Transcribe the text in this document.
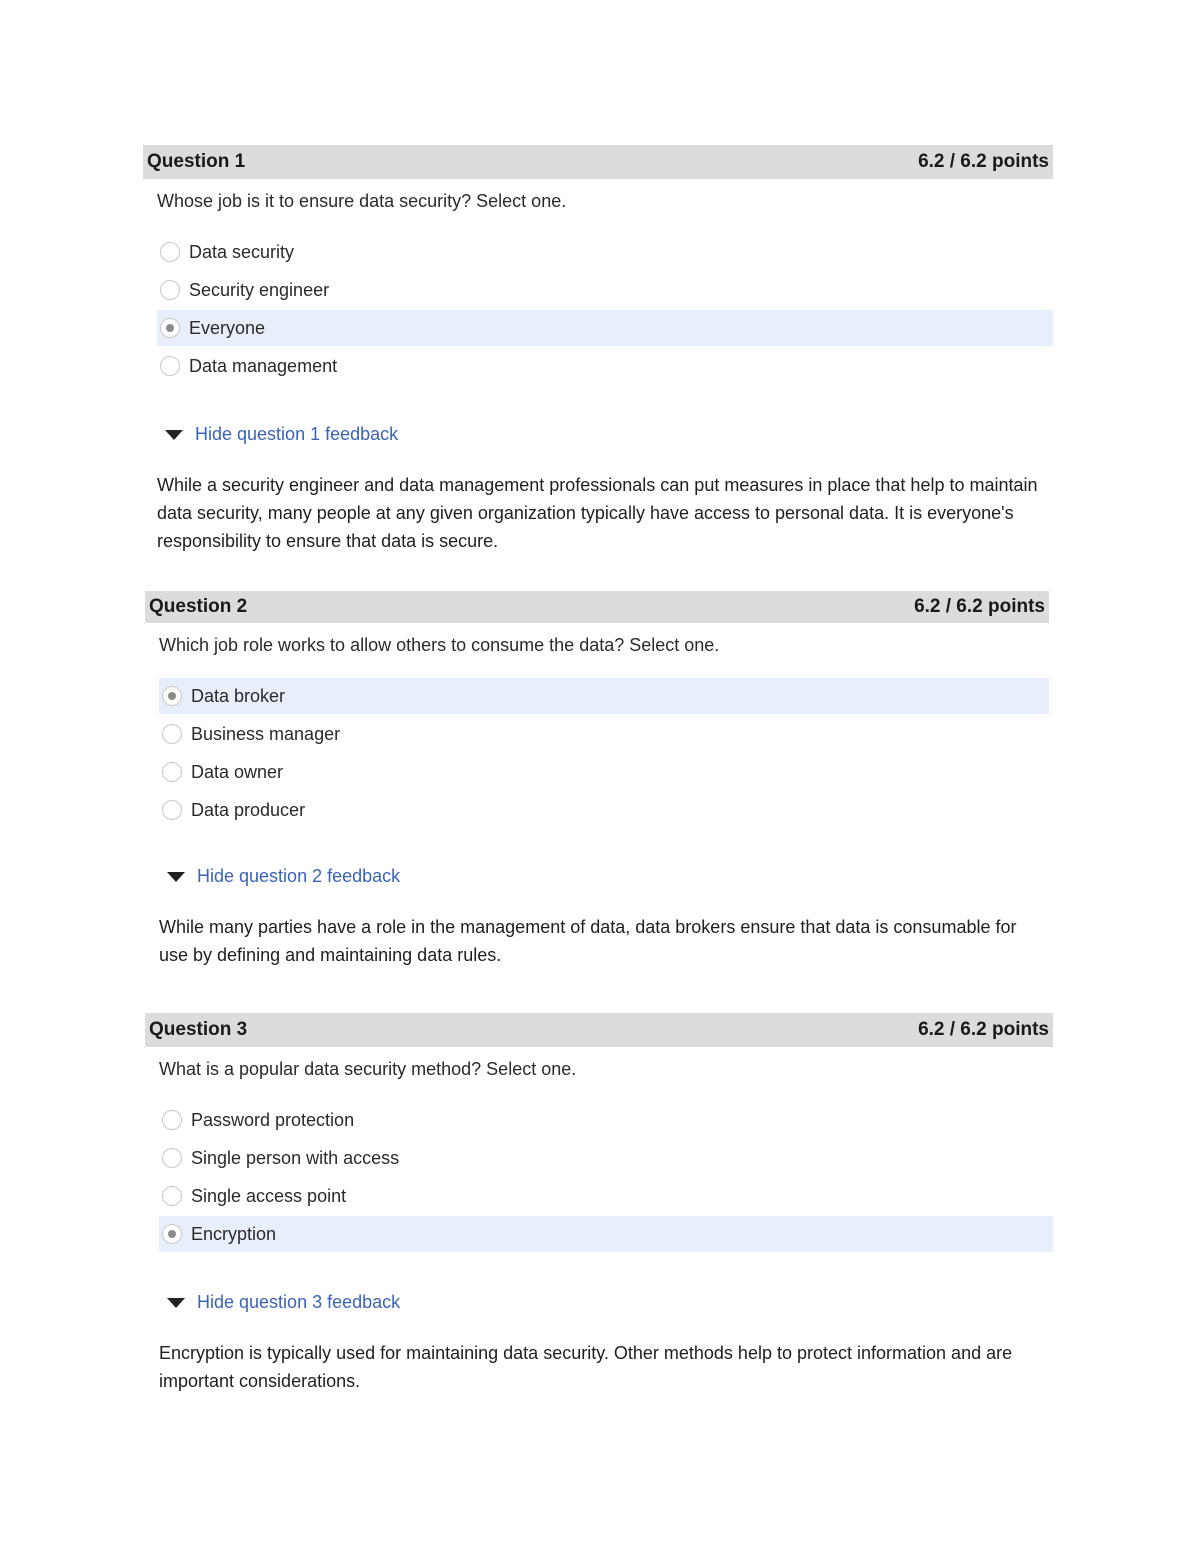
Question 1	6.2 / 6.2 points
Whose job is it to ensure data security? Select one.
Data security
Security engineer
Everyone
Data management
Hide question 1 feedback
While a security engineer and data management professionals can put measures in place that help to maintain data security, many people at any given organization typically have access to personal data. It is everyone's responsibility to ensure that data is secure.
Question 2	6.2 / 6.2 points
Which job role works to allow others to consume the data? Select one.
Data broker
Business manager
Data owner
Data producer
Hide question 2 feedback
While many parties have a role in the management of data, data brokers ensure that data is consumable for use by defining and maintaining data rules.
Question 3	6.2 / 6.2 points
What is a popular data security method? Select one.
Password protection
Single person with access
Single access point
Encryption
Hide question 3 feedback
Encryption is typically used for maintaining data security. Other methods help to protect information and are important considerations.
